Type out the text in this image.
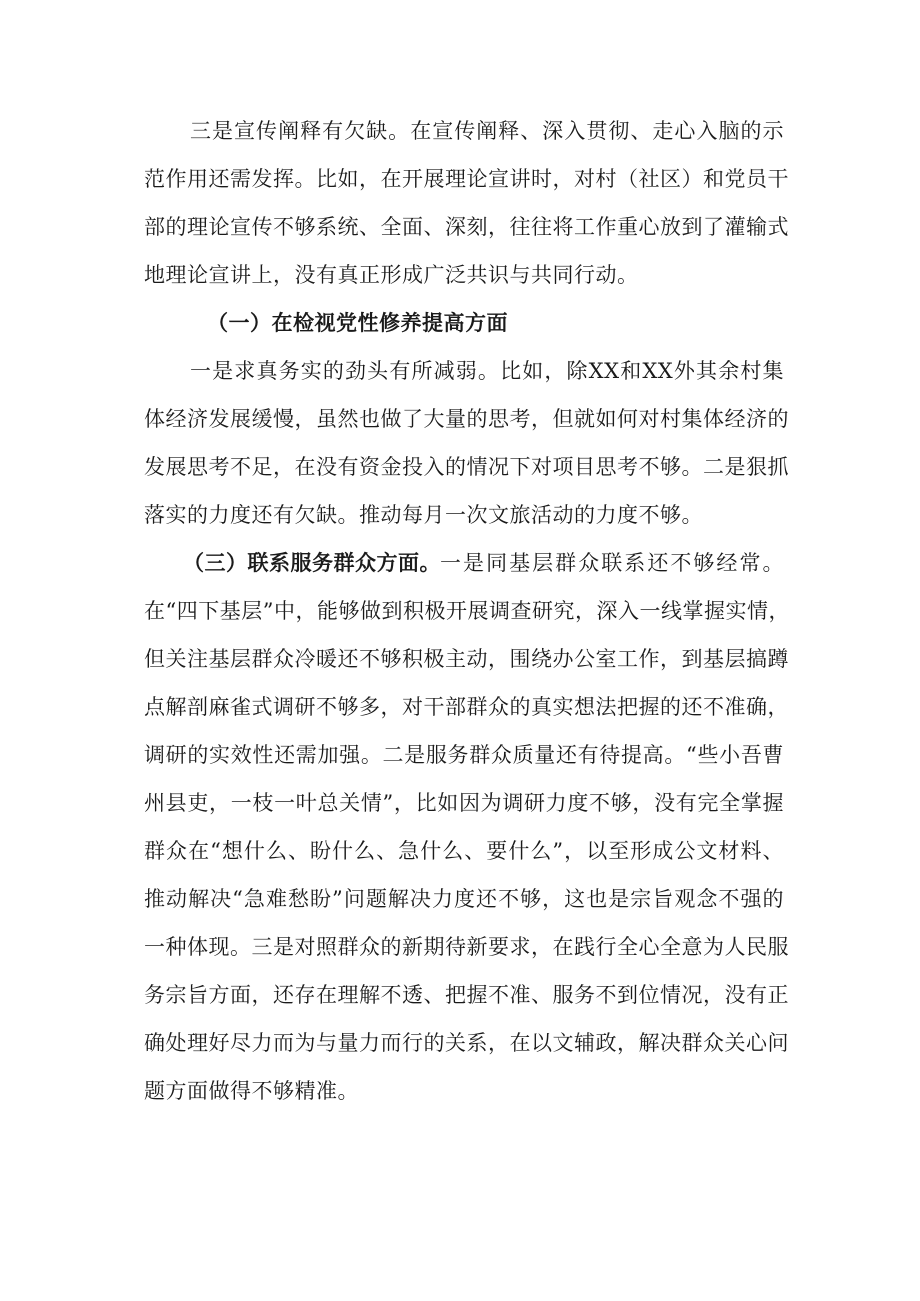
三是宣传阐释有欠缺。在宣传阐释、深入贯彻、走心入脑的示
范作用还需发挥。比如，在开展理论宣讲时，对村（社区）和党员干
部的理论宣传不够系统、全面、深刻，往往将工作重心放到了灌输式
地理论宣讲上，没有真正形成广泛共识与共同行动。
（一）在检视党性修养提高方面
一是求真务实的劲头有所减弱。比如，除XX和XX外其余村集
体经济发展缓慢，虽然也做了大量的思考，但就如何对村集体经济的
发展思考不足，在没有资金投入的情况下对项目思考不够。二是狠抓
落实的力度还有欠缺。推动每月一次文旅活动的力度不够。
（三）联系服务群众方面。 一是同基层群众联系还不够经常。
在“四下基层”中，能够做到积极开展调查研究，深入一线掌握实情，
但关注基层群众冷暖还不够积极主动，围绕办公室工作，到基层搞蹲
点解剖麻雀式调研不够多，对干部群众的真实想法把握的还不准确，
调研的实效性还需加强。二是服务群众质量还有待提高。“些小吾曹
州县吏，一枝一叶总关情”，比如因为调研力度不够，没有完全掌握
群众在“想什么、盼什么、急什么、要什么”，以至形成公文材料、
推动解决“急难愁盼”问题解决力度还不够，这也是宗旨观念不强的
一种体现。三是对照群众的新期待新要求，在践行全心全意为人民服
务宗旨方面，还存在理解不透、把握不准、服务不到位情况，没有正
确处理好尽力而为与量力而行的关系，在以文辅政，解决群众关心问
题方面做得不够精准。
